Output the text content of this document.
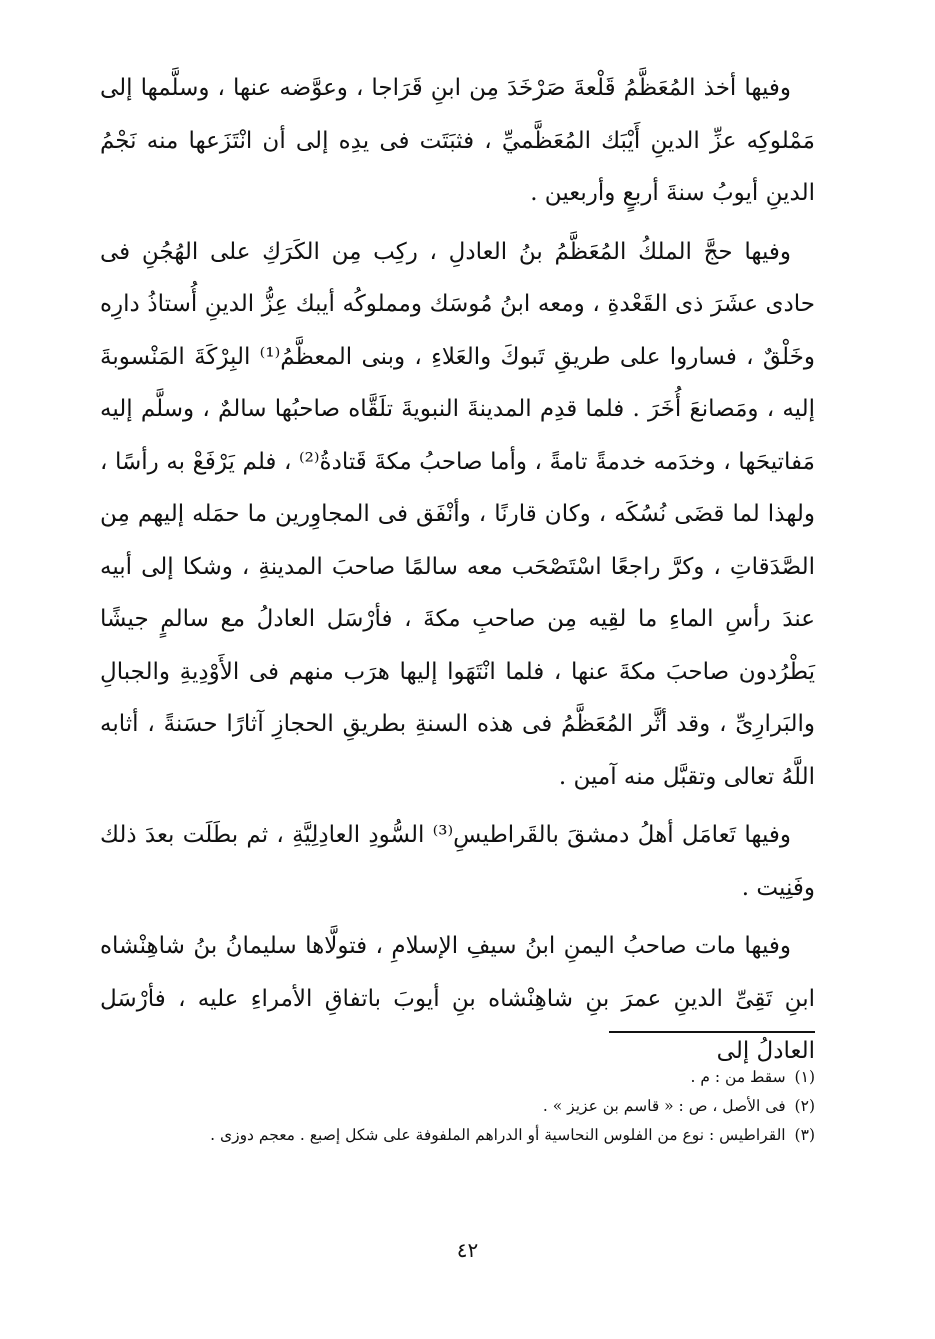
وفيها أخذ المُعَظَّمُ قَلْعةَ صَرْخَدَ مِن ابنِ قَرَاجا ، وعوَّضه عنها ، وسلَّمها إلى مَمْلوكِه عزِّ الدينِ أَيْبَك المُعَظَّميِّ ، فثبَتَت فى يدِه إلى أن انْتَزَعها منه نَجْمُ الدينِ أيوبُ سنةَ أربعٍ وأربعين .

وفيها حجَّ الملكُ المُعَظَّمُ بنُ العادلِ ، ركِب مِن الكَرَكِ على الهُجُنِ فى حادى عشَرَ ذى القَعْدةِ ، ومعه ابنُ مُوسَك ومملوكُه أيبك عِزُّ الدينِ أُستاذُ دارِه وخَلْقٌ ، فساروا على طريقِ تَبوكَ والعَلاءِ ، وبنى المعظَّمُ⁽¹⁾ البِرْكَةَ المَنْسوبةَ إليه ، ومَصانعَ أُخَرَ . فلما قدِم المدينةَ النبويةَ تلَقَّاه صاحبُها سالمٌ ، وسلَّم إليه مَفاتيحَها ، وخدَمه خدمةً تامةً ، وأما صاحبُ مكةَ قَتادةُ⁽²⁾ ، فلم يَرْفَعْ به رأسًا ، ولهذا لما قضَى نُسُكَه ، وكان قارنًا ، وأنْفَق فى المجاوِرين ما حمَله إليهم مِن الصَّدَقاتِ ، وكرَّ راجعًا اسْتَصْحَب معه سالمًا صاحبَ المدينةِ ، وشكا إلى أبيه عندَ رأسِ الماءِ ما لقِيه مِن صاحبِ مكةَ ، فأرْسَل العادلُ مع سالمٍ جيشًا يَطْرُدون صاحبَ مكةَ عنها ، فلما انْتَهَوا إليها هرَب منهم فى الأَوْدِيةِ والجبالِ والبَرارِىِّ ، وقد أثَّر المُعَظَّمُ فى هذه السنةِ بطريقِ الحجازِ آثارًا حسَنةً ، أثابه اللَّهُ تعالى وتقبَّل منه آمين .

وفيها تَعامَل أهلُ دمشقَ بالقَراطيسِ⁽³⁾ السُّودِ العادِلِيَّةِ ، ثم بطَلَت بعدَ ذلك وفَنِيت .

وفيها مات صاحبُ اليمنِ ابنُ سيفِ الإسلامِ ، فتولَّاها سليمانُ بنُ شاهِنْشاه ابنِ تَقِىِّ الدينِ عمرَ بنِ شاهِنْشاه بنِ أيوبَ باتفاقِ الأمراءِ عليه ، فأرْسَل العادلُ إلى

(١) سقط من : م .
(٢) فى الأصل ، ص : « قاسم بن عزيز » .
(٣) القراطيس : نوع من الفلوس النحاسية أو الدراهم الملفوفة على شكل إصبع . معجم دوزى .
٤٢
